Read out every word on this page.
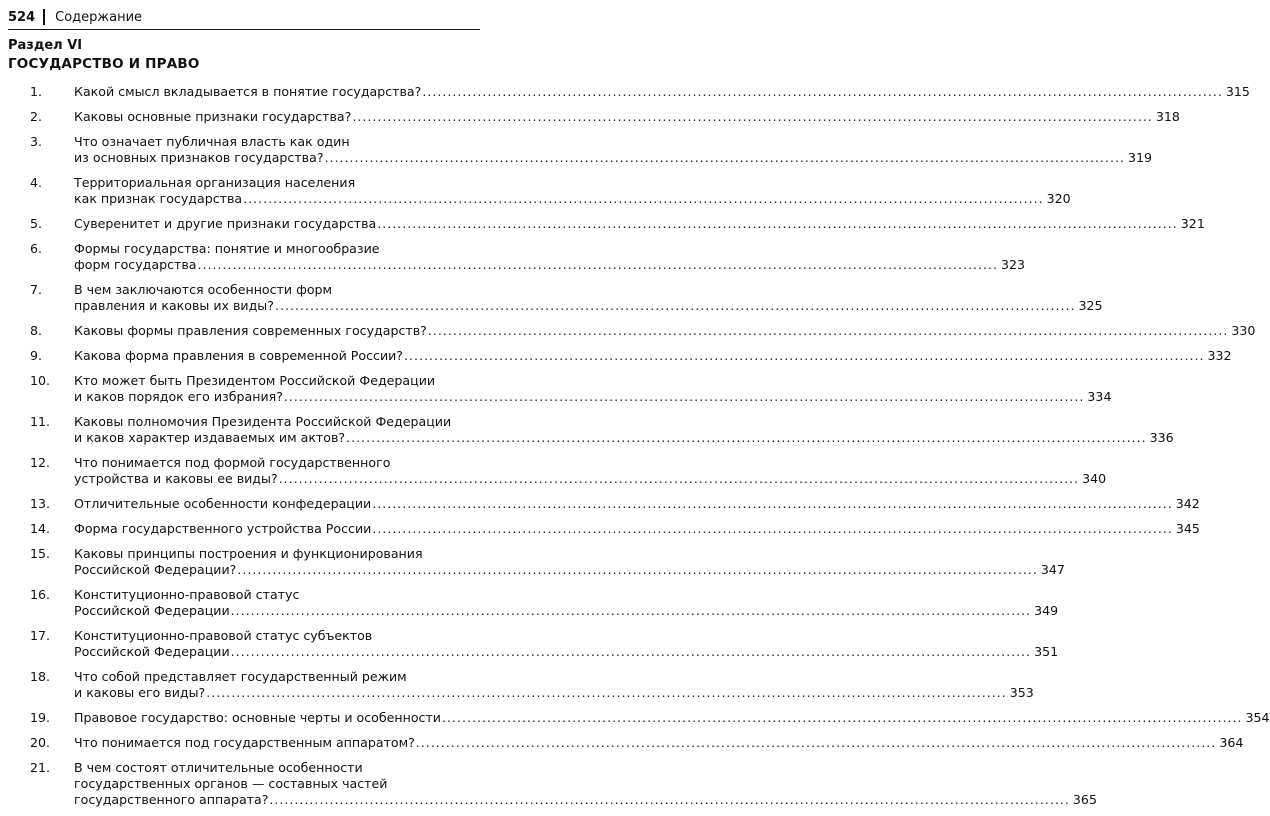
524 Содержание
Раздел VI
ГОСУДАРСТВО И ПРАВО
1.	Какой смысл вкладывается в понятие государства? ................................................................................................................................................................ 315
2.	Каковы основные признаки государства? ................................................................................................................................................................ 318
3.	Что означает публичная власть как один
из основных признаков государства? ................................................................................................................................................................ 319
4.	Территориальная организация населения
как признак государства ................................................................................................................................................................ 320
5.	Суверенитет и другие признаки государства ................................................................................................................................................................ 321
6.	Формы государства: понятие и многообразие
форм государства ................................................................................................................................................................ 323
7.	В чем заключаются особенности форм
правления и каковы их виды? ................................................................................................................................................................ 325
8.	Каковы формы правления современных государств? ................................................................................................................................................................ 330
9.	Какова форма правления в современной России? ................................................................................................................................................................ 332
10.	Кто может быть Президентом Российской Федерации
и каков порядок его избрания? ................................................................................................................................................................ 334
11.	Каковы полномочия Президента Российской Федерации
и каков характер издаваемых им актов? ................................................................................................................................................................ 336
12.	Что понимается под формой государственного
устройства и каковы ее виды? ................................................................................................................................................................ 340
13.	Отличительные особенности конфедерации ................................................................................................................................................................ 342
14.	Форма государственного устройства России ................................................................................................................................................................ 345
15.	Каковы принципы построения и функционирования
Российской Федерации? ................................................................................................................................................................ 347
16.	Конституционно-правовой статус
Российской Федерации ................................................................................................................................................................ 349
17.	Конституционно-правовой статус субъектов
Российской Федерации ................................................................................................................................................................ 351
18.	Что собой представляет государственный режим
и каковы его виды? ................................................................................................................................................................ 353
19.	Правовое государство: основные черты и особенности ................................................................................................................................................................ 354
20.	Что понимается под государственным аппаратом? ................................................................................................................................................................ 364
21.	В чем состоят отличительные особенности
государственных органов — составных частей
государственного аппарата? ................................................................................................................................................................ 365
